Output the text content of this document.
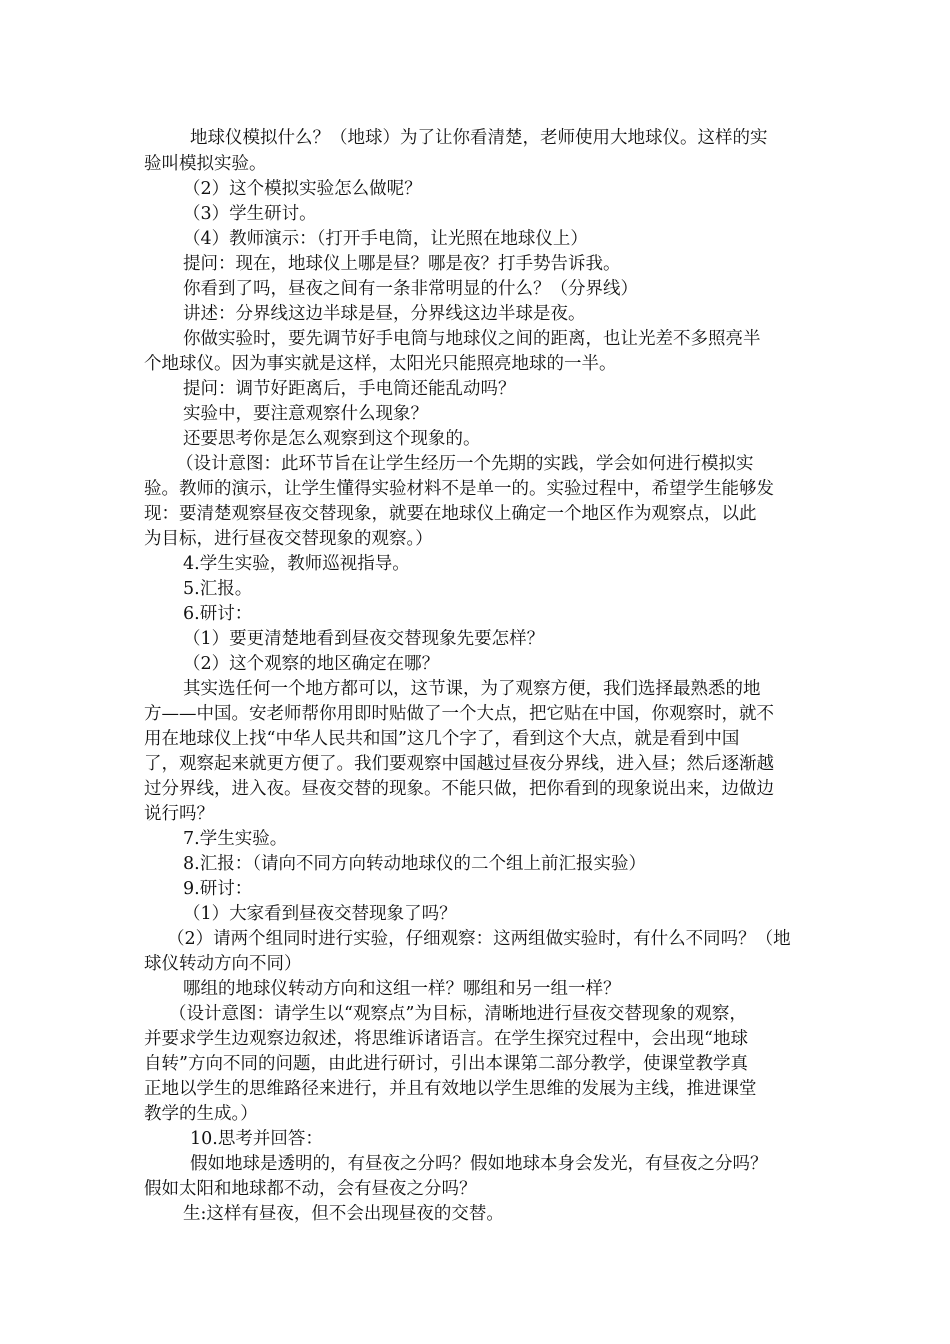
地球仪模拟什么？（地球）为了让你看清楚，老师使用大地球仪。这样的实
验叫模拟实验。
（2）这个模拟实验怎么做呢？
（3）学生研讨。
（4）教师演示：（打开手电筒，让光照在地球仪上）
提问：现在，地球仪上哪是昼？哪是夜？打手势告诉我。
你看到了吗，昼夜之间有一条非常明显的什么？（分界线）
讲述：分界线这边半球是昼，分界线这边半球是夜。
你做实验时，要先调节好手电筒与地球仪之间的距离，也让光差不多照亮半
个地球仪。因为事实就是这样，太阳光只能照亮地球的一半。
提问：调节好距离后，手电筒还能乱动吗？
实验中，要注意观察什么现象？
还要思考你是怎么观察到这个现象的。
（设计意图：此环节旨在让学生经历一个先期的实践，学会如何进行模拟实
验。教师的演示，让学生懂得实验材料不是单一的。实验过程中，希望学生能够发
现：要清楚观察昼夜交替现象，就要在地球仪上确定一个地区作为观察点，以此
为目标，进行昼夜交替现象的观察。）
4.学生实验，教师巡视指导。
5.汇报。
6.研讨：
（1）要更清楚地看到昼夜交替现象先要怎样？
（2）这个观察的地区确定在哪？
其实选任何一个地方都可以，这节课，为了观察方便，我们选择最熟悉的地
方——中国。安老师帮你用即时贴做了一个大点，把它贴在中国，你观察时，就不
用在地球仪上找“中华人民共和国”这几个字了，看到这个大点，就是看到中国
了，观察起来就更方便了。我们要观察中国越过昼夜分界线，进入昼；然后逐渐越
过分界线，进入夜。昼夜交替的现象。不能只做，把你看到的现象说出来，边做边
说行吗？
7.学生实验。
8.汇报：（请向不同方向转动地球仪的二个组上前汇报实验）
9.研讨：
（1）大家看到昼夜交替现象了吗？
（2）请两个组同时进行实验，仔细观察：这两组做实验时，有什么不同吗？（地
球仪转动方向不同）
哪组的地球仪转动方向和这组一样？哪组和另一组一样？
（设计意图：请学生以“观察点”为目标，清晰地进行昼夜交替现象的观察，
并要求学生边观察边叙述，将思维诉诸语言。在学生探究过程中，会出现“地球
自转”方向不同的问题，由此进行研讨，引出本课第二部分教学，使课堂教学真
正地以学生的思维路径来进行，并且有效地以学生思维的发展为主线，推进课堂
教学的生成。）
10.思考并回答：
假如地球是透明的，有昼夜之分吗？假如地球本身会发光，有昼夜之分吗？
假如太阳和地球都不动，会有昼夜之分吗？
生:这样有昼夜，但不会出现昼夜的交替。
